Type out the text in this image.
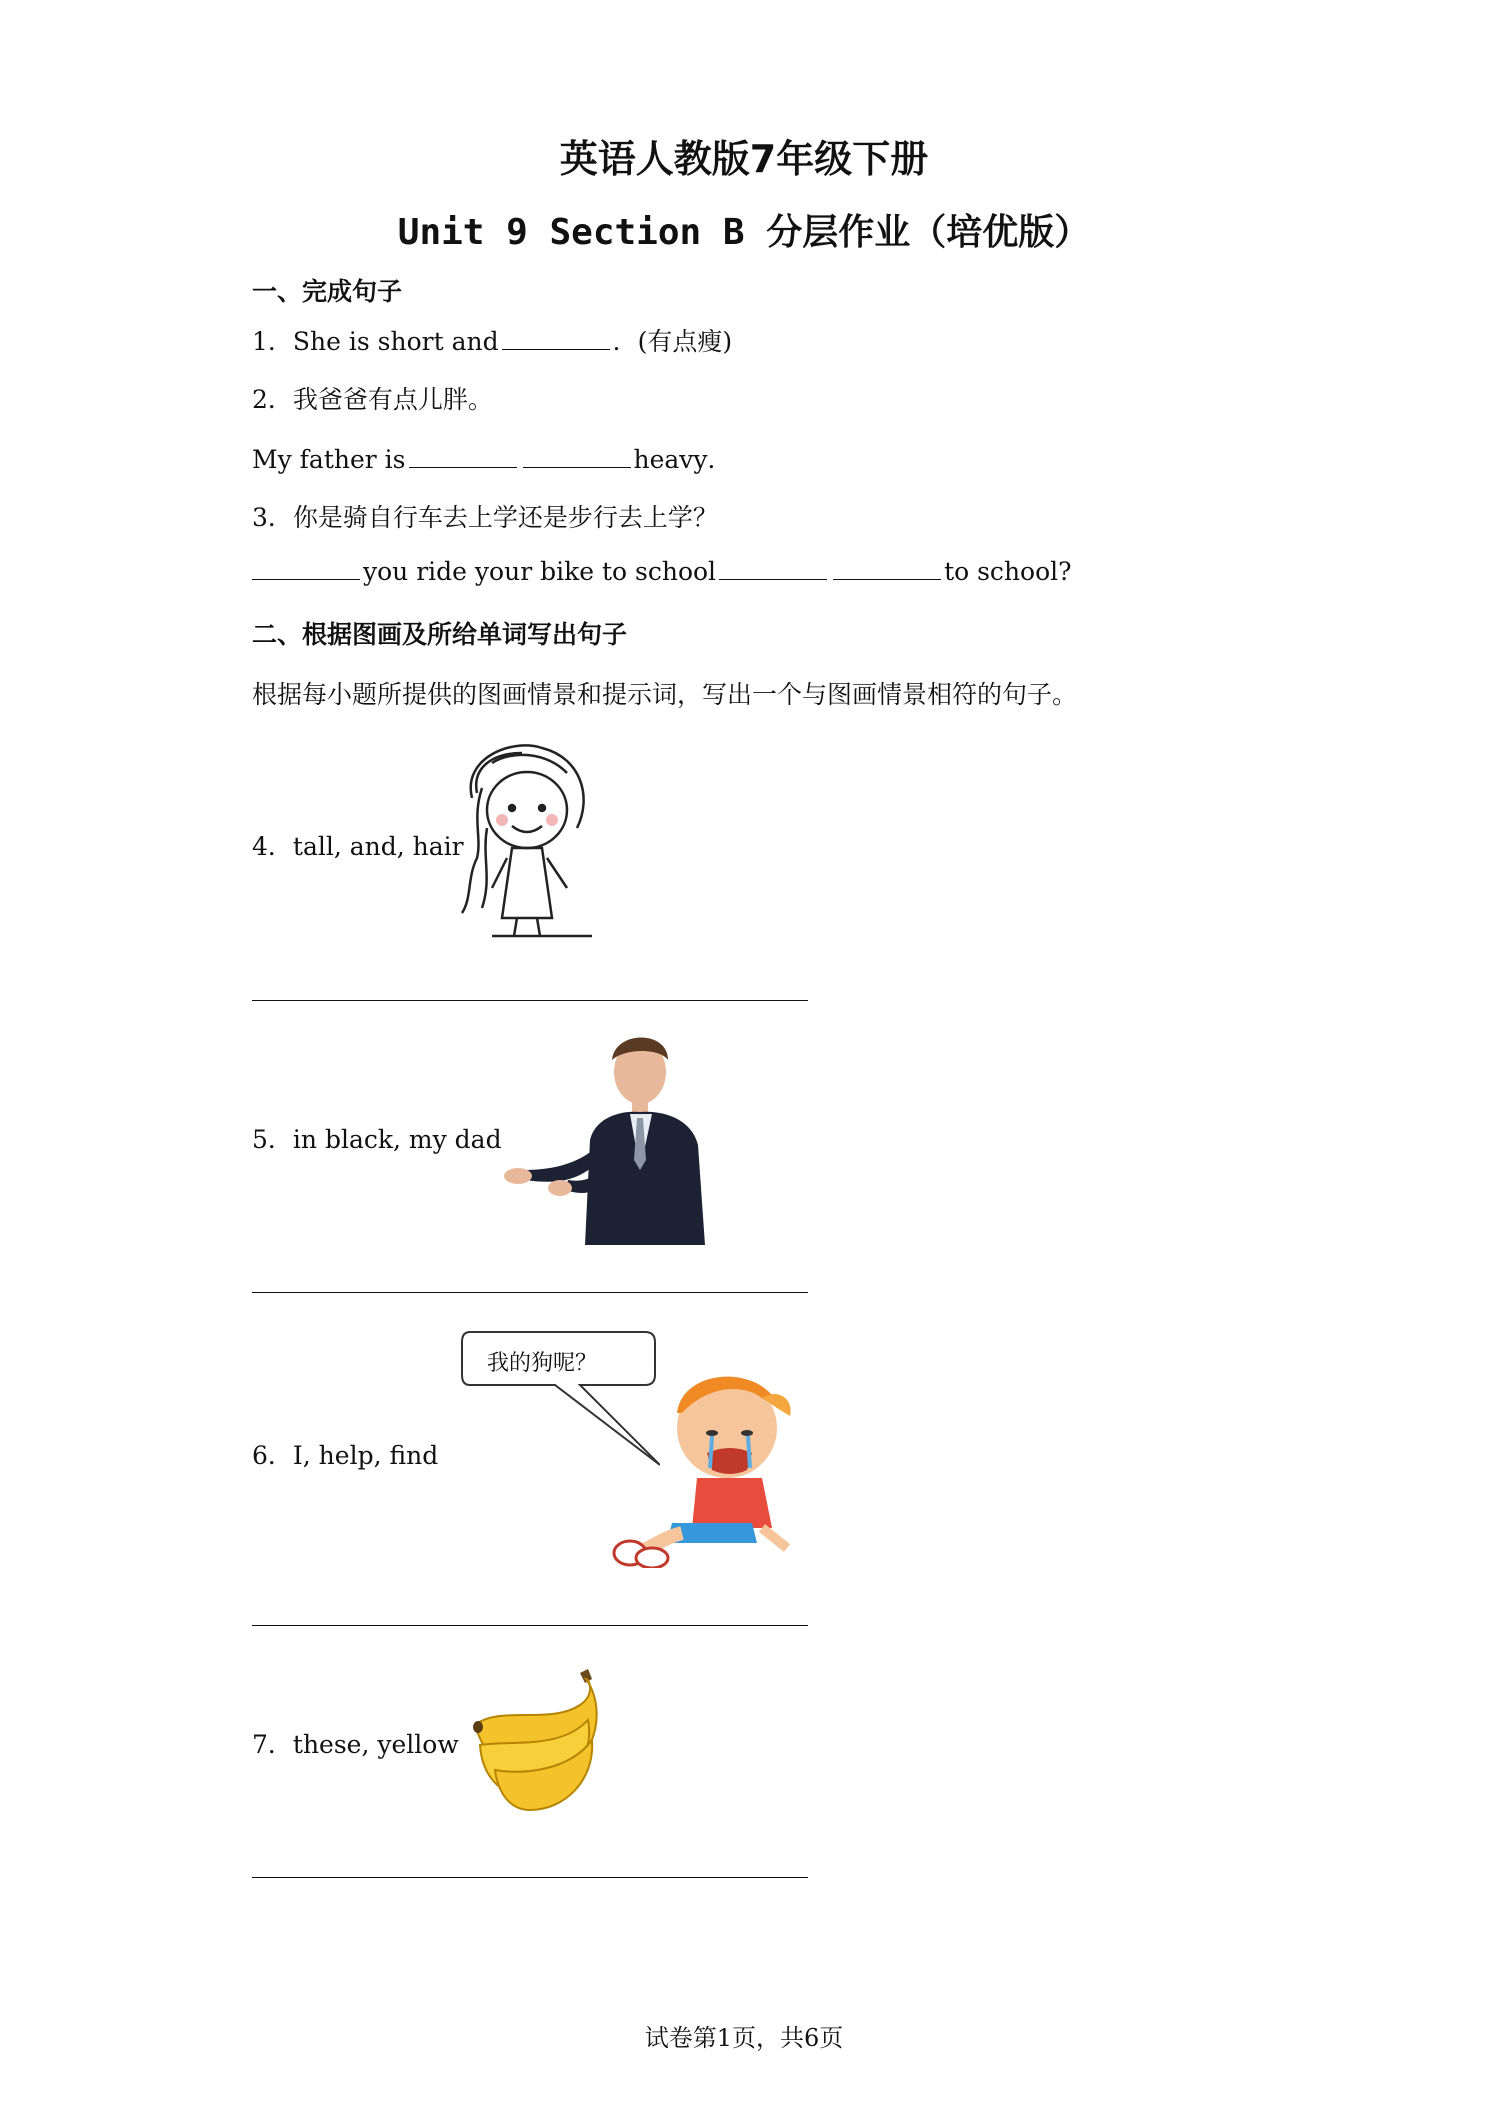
英语人教版7年级下册
Unit 9 Section B 分层作业（培优版）
一、完成句子
1．She is short and	．(有点瘦)
2．我爸爸有点儿胖。
My father is	heavy．
3．你是骑自行车去上学还是步行去上学？
you ride your bike to school	to school?
二、根据图画及所给单词写出句子
根据每小题所提供的图画情景和提示词，写出一个与图画情景相符的句子。
4．tall, and, hair
5．in black, my dad
6．I, help, find
我的狗呢？
7．these, yellow
试卷第1页，共6页
